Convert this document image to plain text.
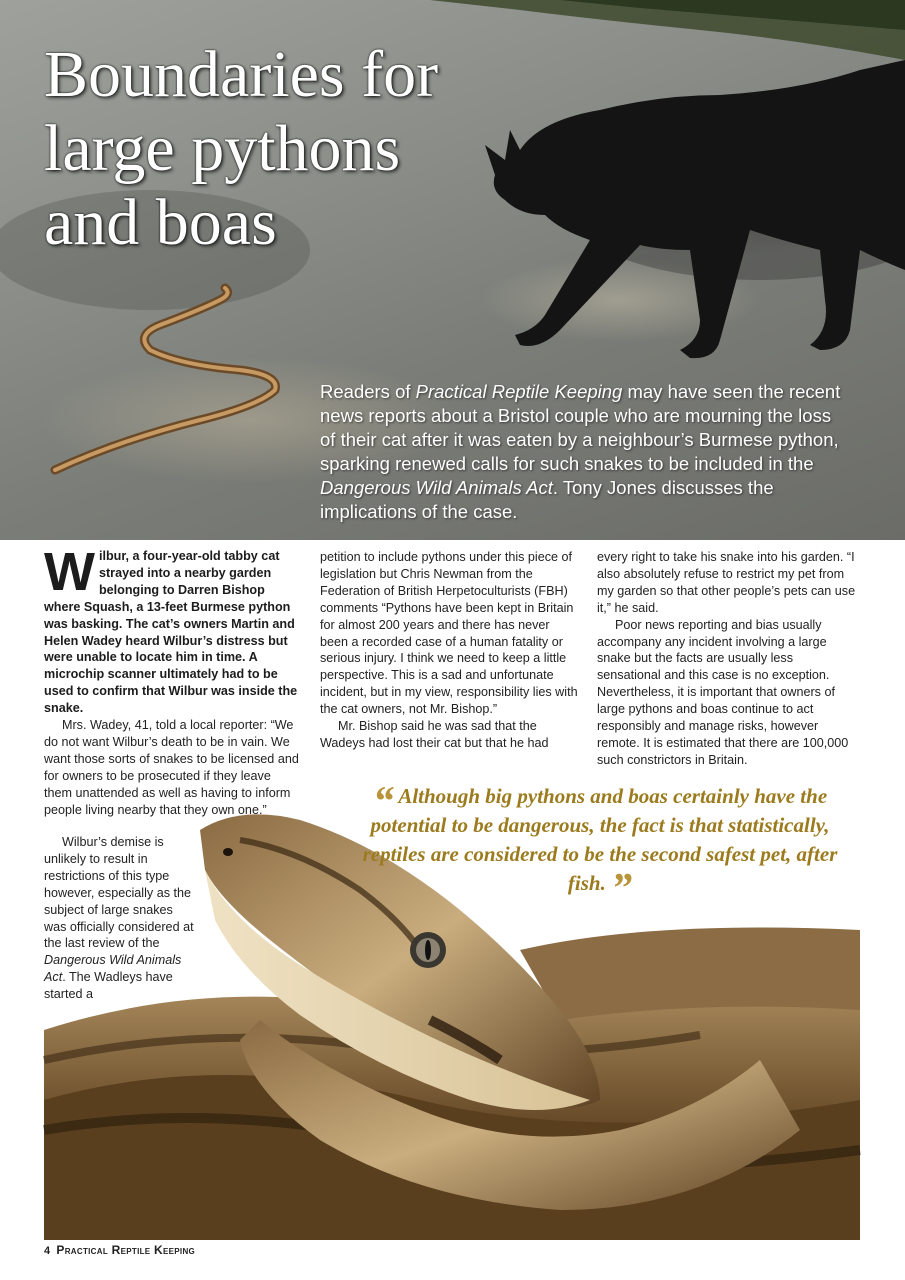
Boundaries for
large pythons
and boas

Readers of Practical Reptile Keeping may have seen the recent news reports about a Bristol couple who are mourning the loss of their cat after it was eaten by a neighbour’s Burmese python, sparking renewed calls for such snakes to be included in the Dangerous Wild Animals Act. Tony Jones discusses the implications of the case.

Wilbur, a four-year-old tabby cat strayed into a nearby garden belonging to Darren Bishop where Squash, a 13-feet Burmese python was basking. The cat’s owners Martin and Helen Wadey heard Wilbur’s distress but were unable to locate him in time. A microchip scanner ultimately had to be used to confirm that Wilbur was inside the snake.

Mrs. Wadey, 41, told a local reporter: “We do not want Wilbur’s death to be in vain. We want those sorts of snakes to be licensed and for owners to be prosecuted if they leave them unattended as well as having to inform people living nearby that they own one.”

Wilbur’s demise is unlikely to result in restrictions of this type however, especially as the subject of large snakes was officially considered at the last review of the Dangerous Wild Animals Act. The Wadleys have started a

petition to include pythons under this piece of legislation but Chris Newman from the Federation of British Herpetoculturists (FBH) comments “Pythons have been kept in Britain for almost 200 years and there has never been a recorded case of a human fatality or serious injury. I think we need to keep a little perspective. This is a sad and unfortunate incident, but in my view, responsibility lies with the cat owners, not Mr. Bishop.”

Mr. Bishop said he was sad that the Wadeys had lost their cat but that he had

every right to take his snake into his garden. “I also absolutely refuse to restrict my pet from my garden so that other people’s pets can use it,” he said.

Poor news reporting and bias usually accompany any incident involving a large snake but the facts are usually less sensational and this case is no exception. Nevertheless, it is important that owners of large pythons and boas continue to act responsibly and manage risks, however remote. It is estimated that there are 100,000 such constrictors in Britain.

“ Although big pythons and boas certainly have the potential to be dangerous, the fact is that statistically, reptiles are considered to be the second safest pet, after fish. ”

4 Practical Reptile Keeping
